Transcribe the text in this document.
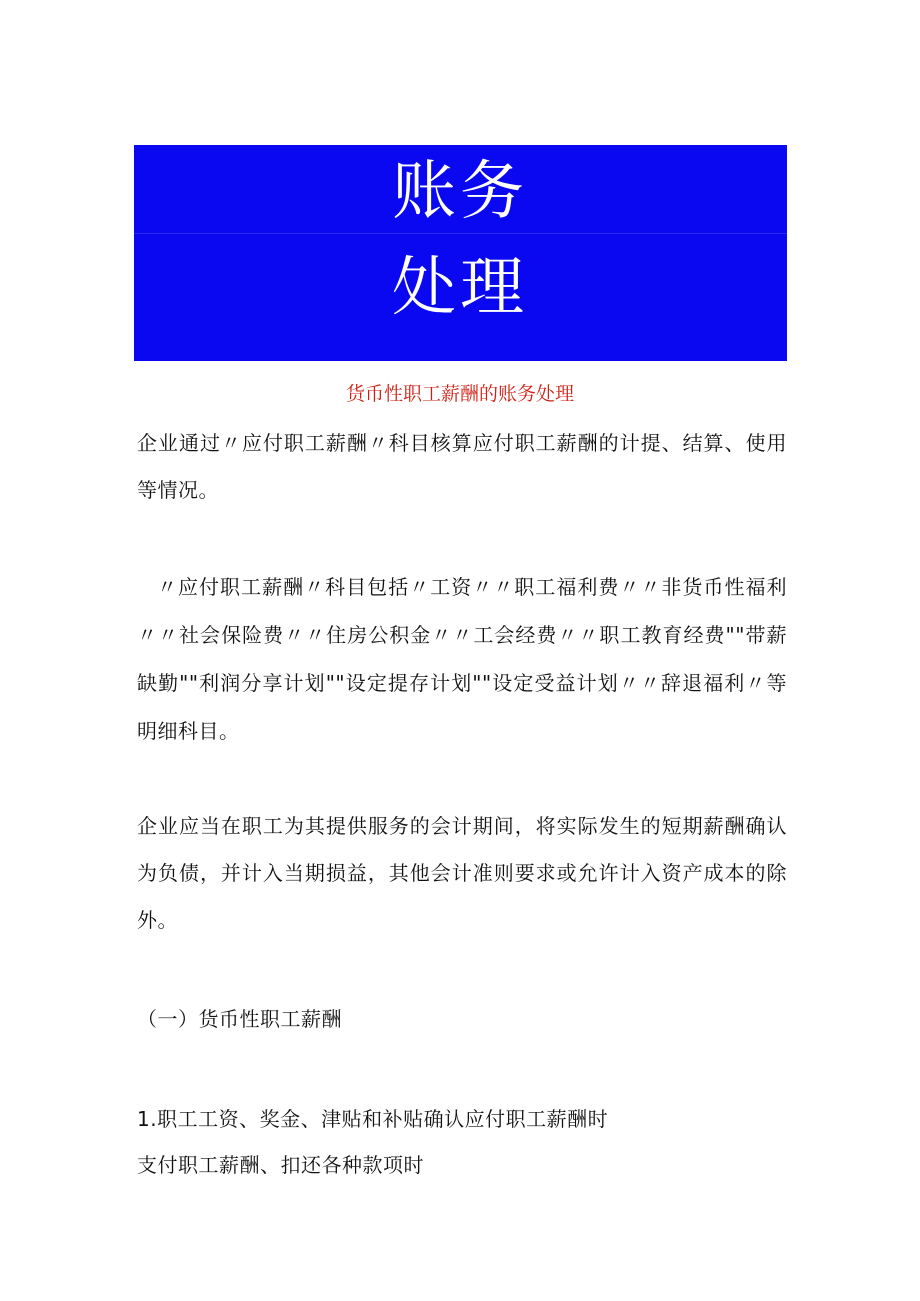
账务
处理
货币性职工薪酬的账务处理
企业通过〃应付职工薪酬〃科目核算应付职工薪酬的计提、结算、使用等情况。
〃应付职工薪酬〃科目包括〃工资〃〃职工福利费〃〃非货币性福利〃〃社会保险费〃〃住房公积金〃〃工会经费〃〃职工教育经费""带薪缺勤""利润分享计划""设定提存计划""设定受益计划〃〃辞退福利〃等明细科目。
企业应当在职工为其提供服务的会计期间，将实际发生的短期薪酬确认为负债，并计入当期损益，其他会计准则要求或允许计入资产成本的除外。
（一）货币性职工薪酬
1.职工工资、奖金、津贴和补贴确认应付职工薪酬时
支付职工薪酬、扣还各种款项时
